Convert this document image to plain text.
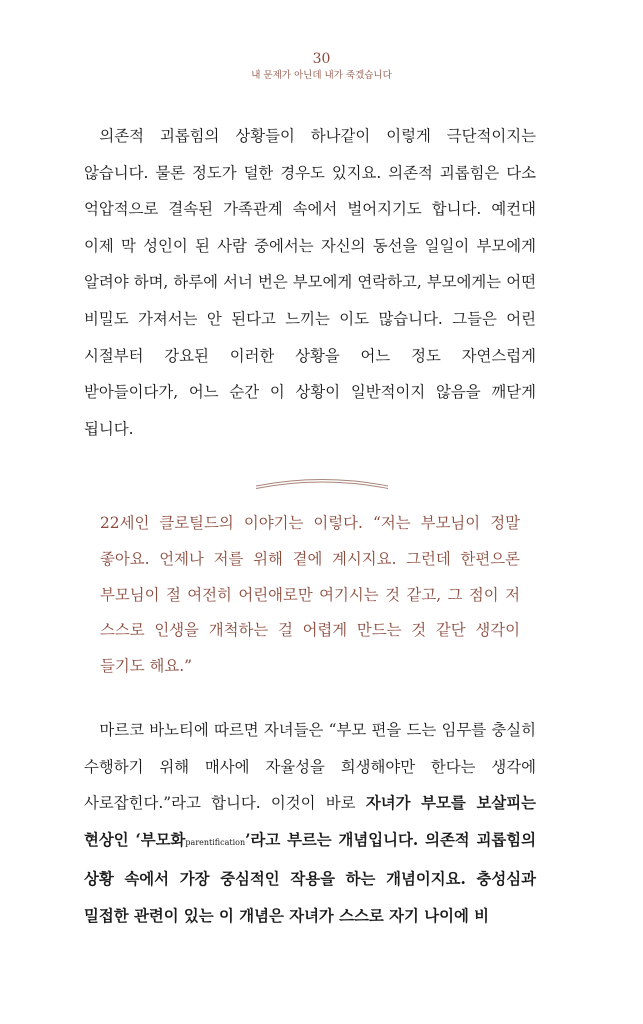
30
내 문제가 아닌데 내가 죽겠습니다

의존적 괴롭힘의 상황들이 하나같이 이렇게 극단적이지는 않습니다. 물론 정도가 덜한 경우도 있지요. 의존적 괴롭힘은 다소 억압적으로 결속된 가족관계 속에서 벌어지기도 합니다. 예컨대 이제 막 성인이 된 사람 중에서는 자신의 동선을 일일이 부모에게 알려야 하며, 하루에 서너 번은 부모에게 연락하고, 부모에게는 어떤 비밀도 가져서는 안 된다고 느끼는 이도 많습니다. 그들은 어린 시절부터 강요된 이러한 상황을 어느 정도 자연스럽게 받아들이다가, 어느 순간 이 상황이 일반적이지 않음을 깨닫게 됩니다.

22세인 클로틸드의 이야기는 이렇다. “저는 부모님이 정말 좋아요. 언제나 저를 위해 곁에 계시지요. 그런데 한편으론 부모님이 절 여전히 어린애로만 여기시는 것 같고, 그 점이 저 스스로 인생을 개척하는 걸 어렵게 만드는 것 같단 생각이 들기도 해요.”

마르코 바노티에 따르면 자녀들은 “부모 편을 드는 임무를 충실히 수행하기 위해 매사에 자율성을 희생해야만 한다는 생각에 사로잡힌다.”라고 합니다. 이것이 바로 자녀가 부모를 보살피는 현상인 ‘부모화parentification’라고 부르는 개념입니다. 의존적 괴롭힘의 상황 속에서 가장 중심적인 작용을 하는 개념이지요. 충성심과 밀접한 관련이 있는 이 개념은 자녀가 스스로 자기 나이에 비
